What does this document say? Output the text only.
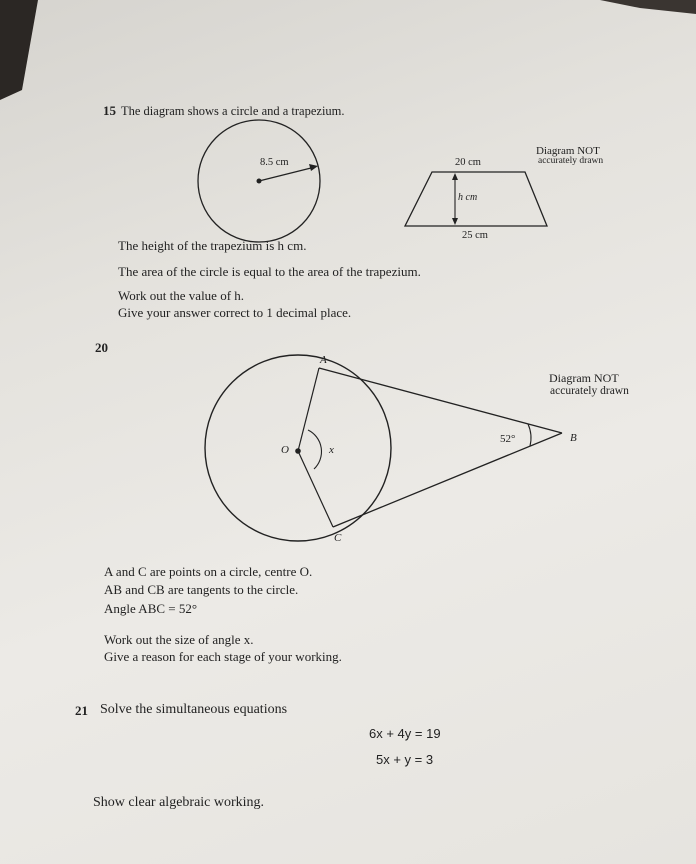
15 The diagram shows a circle and a trapezium.
8.5 cm
Diagram NOT
accurately drawn
20 cm
h cm
25 cm
The height of the trapezium is h cm.
The area of the circle is equal to the area of the trapezium.
Work out the value of h.
Give your answer correct to 1 decimal place.
20
A
O	x
B
C
52°
Diagram NOT
accurately drawn
A and C are points on a circle, centre O.
AB and CB are tangents to the circle.
Angle ABC = 52°
Work out the size of angle x.
Give a reason for each stage of your working.
21 Solve the simultaneous equations
6x + 4y = 19
5x + y = 3
Show clear algebraic working.
